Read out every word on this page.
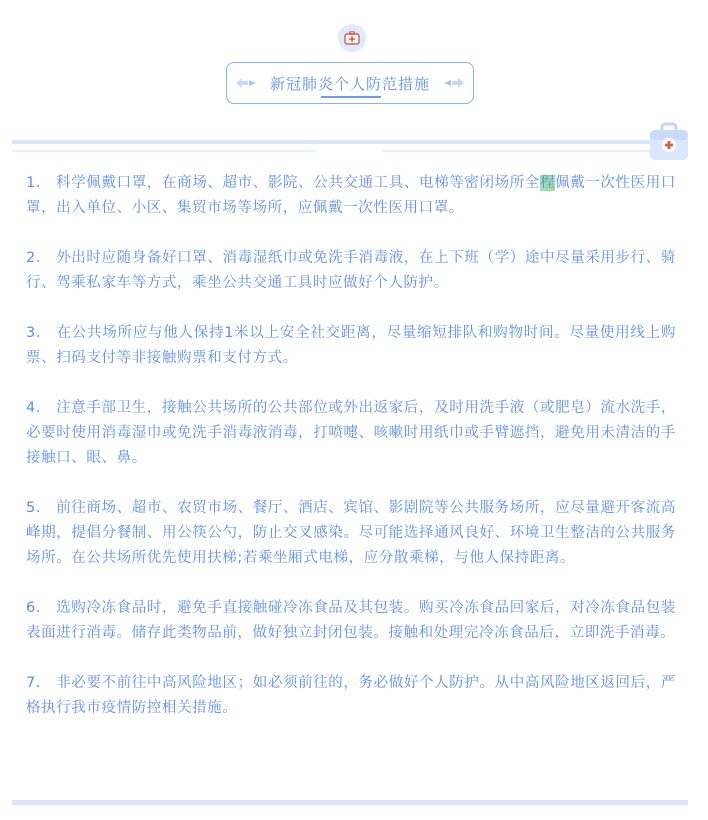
新冠肺炎个人防范措施

1． 科学佩戴口罩，在商场、超市、影院、公共交通工具、电梯等密闭场所全程佩戴一次性医用口罩，出入单位、小区、集贸市场等场所，应佩戴一次性医用口罩。

2． 外出时应随身备好口罩、消毒湿纸巾或免洗手消毒液，在上下班（学）途中尽量采用步行、骑行、驾乘私家车等方式，乘坐公共交通工具时应做好个人防护。

3． 在公共场所应与他人保持1米以上安全社交距离，尽量缩短排队和购物时间。尽量使用线上购票、扫码支付等非接触购票和支付方式。

4． 注意手部卫生，接触公共场所的公共部位或外出返家后，及时用洗手液（或肥皂）流水洗手，必要时使用消毒湿巾或免洗手消毒液消毒，打喷嚏、咳嗽时用纸巾或手臂遮挡，避免用未清洁的手接触口、眼、鼻。

5． 前往商场、超市、农贸市场、餐厅、酒店、宾馆、影剧院等公共服务场所，应尽量避开客流高峰期，提倡分餐制、用公筷公勺，防止交叉感染。尽可能选择通风良好、环境卫生整洁的公共服务场所。在公共场所优先使用扶梯;若乘坐厢式电梯，应分散乘梯，与他人保持距离。

6． 选购冷冻食品时，避免手直接触碰冷冻食品及其包装。购买冷冻食品回家后，对冷冻食品包装表面进行消毒。储存此类物品前，做好独立封闭包装。接触和处理完冷冻食品后，立即洗手消毒。

7． 非必要不前往中高风险地区；如必须前往的，务必做好个人防护。从中高风险地区返回后，严格执行我市疫情防控相关措施。
